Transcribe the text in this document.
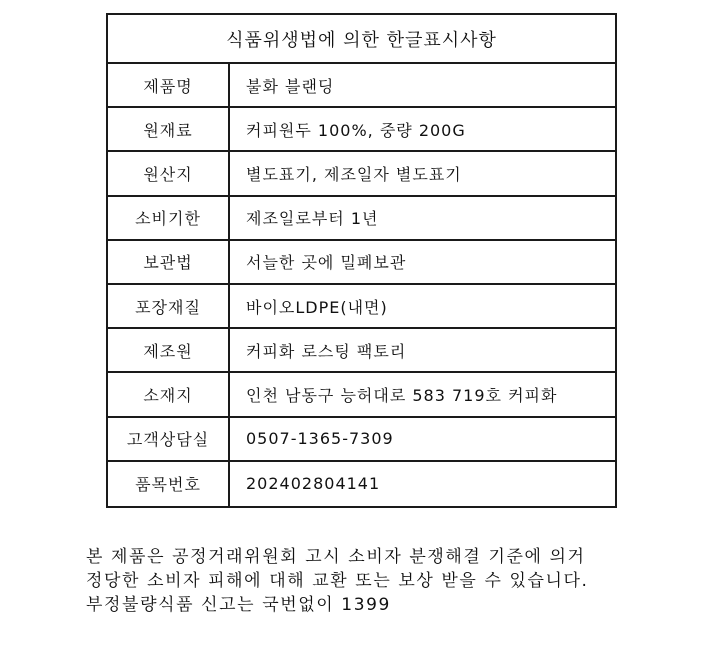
식품위생법에 의한 한글표시사항
제품명	불화 블랜딩
원재료	커피원두 100%, 중량 200G
원산지	별도표기, 제조일자 별도표기
소비기한	제조일로부터 1년
보관법	서늘한 곳에 밀폐보관
포장재질	바이오LDPE(내면)
제조원	커피화 로스팅 팩토리
소재지	인천 남동구 능허대로 583 719호 커피화
고객상담실	0507-1365-7309
품목번호	202402804141
본 제품은 공정거래위원회 고시 소비자 분쟁해결 기준에 의거
정당한 소비자 피해에 대해 교환 또는 보상 받을 수 있습니다.
부정불량식품 신고는 국번없이 1399
